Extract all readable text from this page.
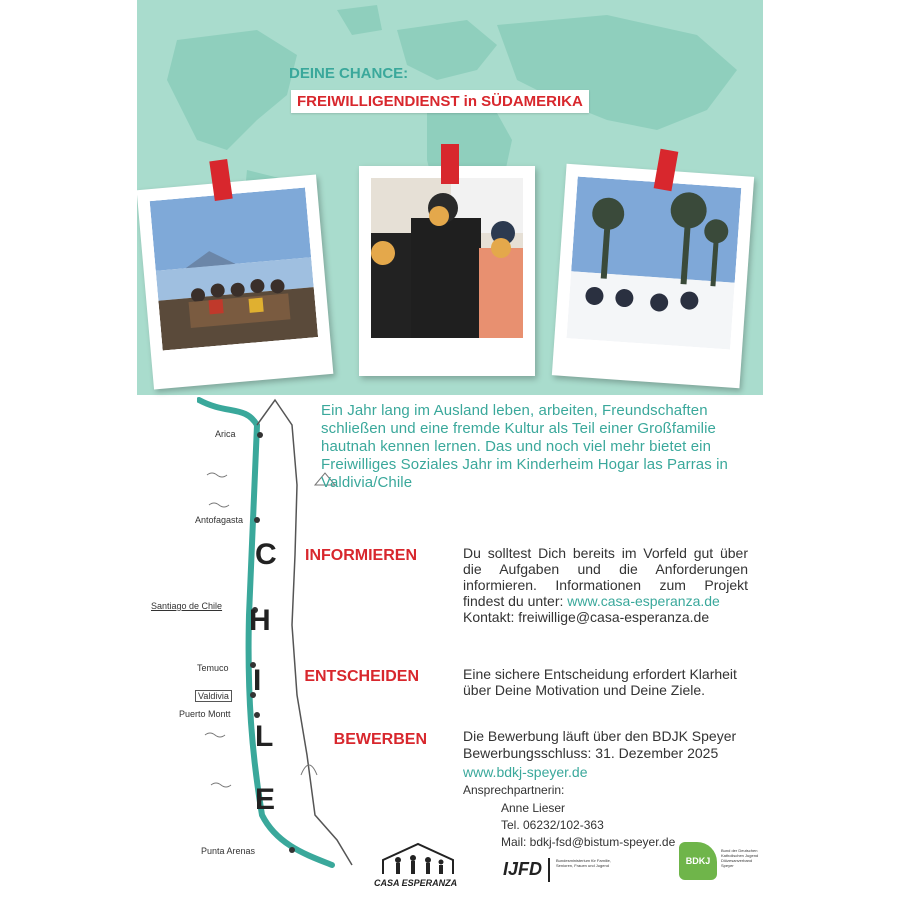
DEINE CHANCE:
FREIWILLIGENDIENST in SÜDAMERIKA
C
H
I
L
E
Arica
Antofagasta
Santiago de Chile
Temuco
Valdivia
Puerto Montt
Punta Arenas
Ein Jahr lang im Ausland leben, arbeiten, Freundschaften schließen und eine fremde Kultur als Teil einer Großfamilie hautnah kennen lernen. Das und noch viel mehr bietet ein Freiwilliges Soziales Jahr im Kinderheim Hogar las Parras in Valdivia/Chile
INFORMIEREN	Du solltest Dich bereits im Vorfeld gut über die Aufgaben und die Anforderungen informieren. Informationen zum Projekt findest du unter: www.casa-esperanza.de
Kontakt: freiwillige@casa-esperanza.de
ENTSCHEIDEN	Eine sichere Entscheidung erfordert Klarheit über Deine Motivation und Deine Ziele.
BEWERBEN	Die Bewerbung läuft über den BDJK Speyer
Bewerbungsschluss: 31. Dezember 2025
www.bdkj-speyer.de
Ansprechpartnerin:
Anne Lieser
Tel. 06232/102-363
Mail: bdkj-fsd@bistum-speyer.de
CASA ESPERANZA
IJFD	Bundesministerium für Familie, Senioren, Frauen und Jugend	BDKJ
Bund der Deutschen Katholischen Jugend Diözesanverband Speyer
